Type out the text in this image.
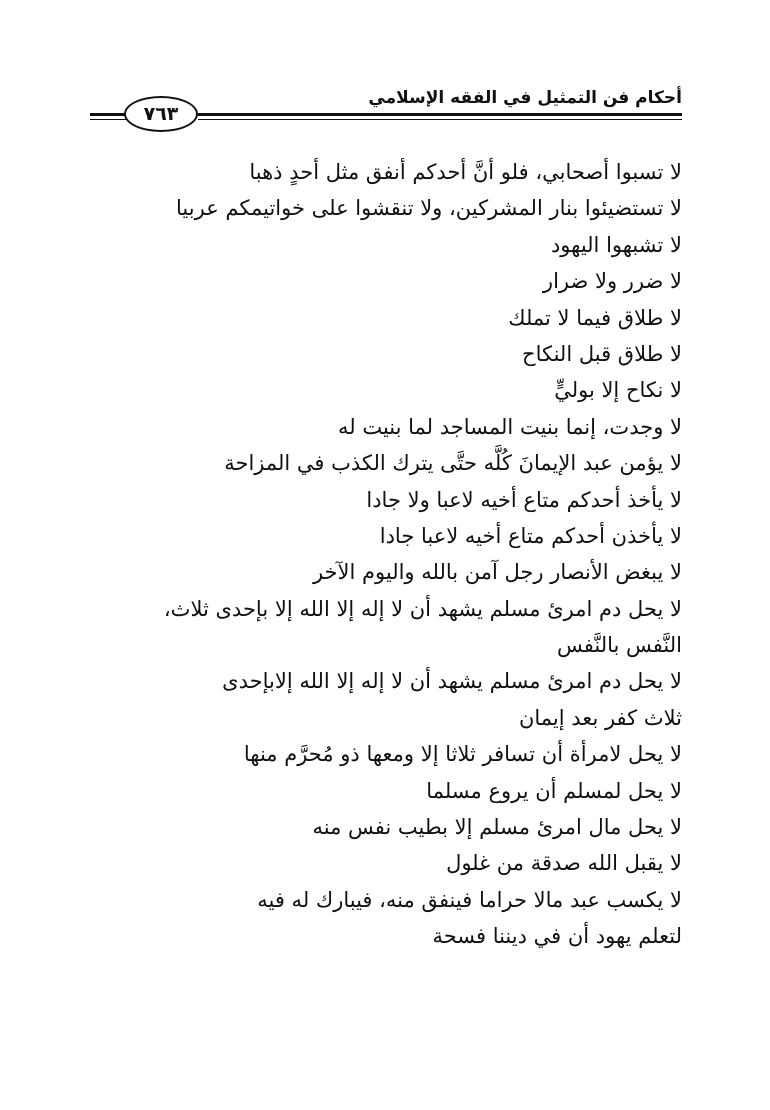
أحكام فن التمثيل في الفقه الإسلامي
٧٦٣
لا تسبوا أصحابي، فلو أنَّ أحدكم أنفق مثل أحدٍ ذهبا
لا تستضيئوا بنار المشركين، ولا تنقشوا على خواتيمكم عربيا
لا تشبهوا اليهود
لا ضرر ولا ضرار
لا طلاق فيما لا تملك
لا طلاق قبل النكاح
لا نكاح إلا بوليٍّ
لا وجدت، إنما بنيت المساجد لما بنيت له
لا يؤمن عبد الإيمانَ كُلَّه حتَّى يترك الكذب في المزاحة
لا يأخذ أحدكم متاع أخيه لاعبا ولا جادا
لا يأخذن أحدكم متاع أخيه لاعبا جادا
لا يبغض الأنصار رجل آمن بالله واليوم الآخر
لا يحل دم امرئ مسلم يشهد أن لا إله إلا الله إلا بإحدى ثلاث،
النَّفس بالنَّفس
لا يحل دم امرئ مسلم يشهد أن لا إله إلا الله إلابإحدى
ثلاث كفر بعد إيمان
لا يحل لامرأة أن تسافر ثلاثا إلا ومعها ذو مُحرَّم منها
لا يحل لمسلم أن يروع مسلما
لا يحل مال امرئ مسلم إلا بطيب نفس منه
لا يقبل الله صدقة من غلول
لا يكسب عبد مالا حراما فينفق منه، فيبارك له فيه
لتعلم يهود أن في ديننا فسحة
